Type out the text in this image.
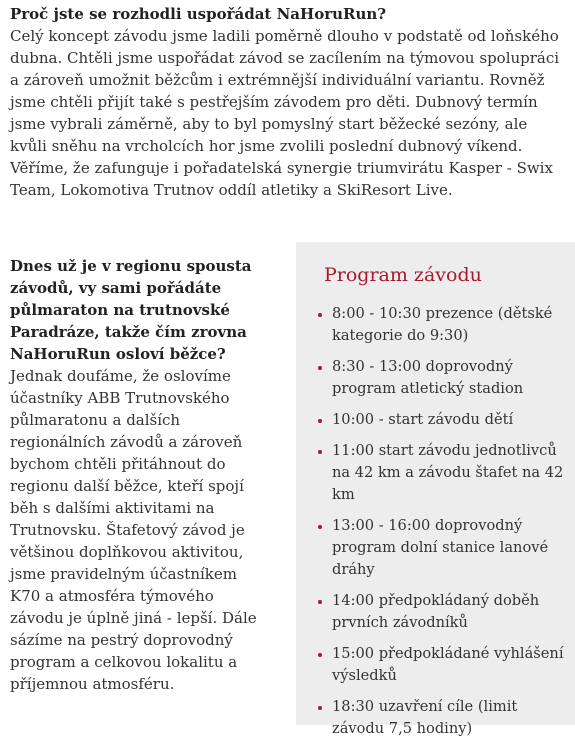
Proč jste se rozhodli uspořádat NaHoruRun?
Celý koncept závodu jsme ladili poměrně dlouho v podstatě od loňského dubna. Chtěli jsme uspořádat závod se zacílením na týmovou spolupráci a zároveň umožnit běžcům i extrémnější individuální variantu. Rovněž jsme chtěli přijít také s pestřejším závodem pro děti. Dubnový termín jsme vybrali záměrně, aby to byl pomyslný start běžecké sezóny, ale kvůli sněhu na vrcholcích hor jsme zvolili poslední dubnový víkend. Věříme, že zafunguje i pořadatelská synergie triumvirátu Kasper - Swix Team, Lokomotiva Trutnov oddíl atletiky a SkiResort Live.
Dnes už je v regionu spousta závodů, vy sami pořádáte půlmaraton na trutnovské Paradráze, takže čím zrovna NaHoruRun osloví běžce?
Jednak doufáme, že oslovíme účastníky ABB Trutnovského půlmaratonu a dalších regionálních závodů a zároveň bychom chtěli přitáhnout do regionu další běžce, kteří spojí běh s dalšími aktivitami na Trutnovsku. Štafetový závod je většinou doplňkovou aktivitou, jsme pravidelným účastníkem K70 a atmosféra týmového závodu je úplně jiná - lepší. Dále sázíme na pestrý doprovodný program a celkovou lokalitu a příjemnou atmosféru.
Program závodu
8:00 - 10:30 prezence (dětské kategorie do 9:30)
8:30 - 13:00 doprovodný program atletický stadion
10:00 - start závodu dětí
11:00 start závodu jednotlivců na 42 km a závodu štafet na 42 km
13:00 - 16:00 doprovodný program dolní stanice lanové dráhy
14:00 předpokládaný doběh prvních závodníků
15:00 předpokládané vyhlášení výsledků
18:30 uzavření cíle (limit závodu 7,5 hodiny)
